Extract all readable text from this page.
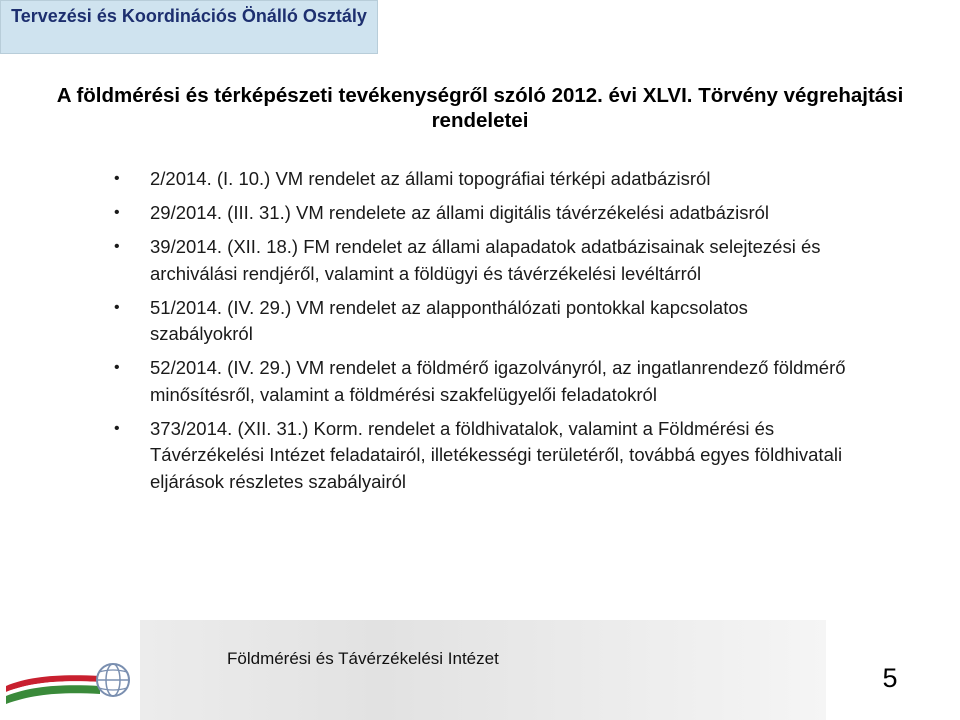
Tervezési és Koordinációs Önálló Osztály
A földmérési és térképészeti tevékenységről szóló 2012. évi XLVI. Törvény végrehajtási rendeletei
• 2/2014. (I. 10.) VM rendelet az állami topográfiai térképi adatbázisról
• 29/2014. (III. 31.) VM rendelete az állami digitális távérzékelési adatbázisról
• 39/2014. (XII. 18.) FM rendelet az állami alapadatok adatbázisainak selejtezési és archiválási rendjéről, valamint a földügyi és távérzékelési levéltárról
• 51/2014. (IV. 29.) VM rendelet az alapponthálózati pontokkal kapcsolatos szabályokról
• 52/2014. (IV. 29.) VM rendelet a földmérő igazolványról, az ingatlanrendező földmérő minősítésről, valamint a földmérési szakfelügyelői feladatokról
• 373/2014. (XII. 31.) Korm. rendelet a földhivatalok, valamint a Földmérési és Távérzékelési Intézet feladatairól, illetékességi területéről, továbbá egyes földhivatali eljárások részletes szabályairól
Földmérési és Távérzékelési Intézet
5
